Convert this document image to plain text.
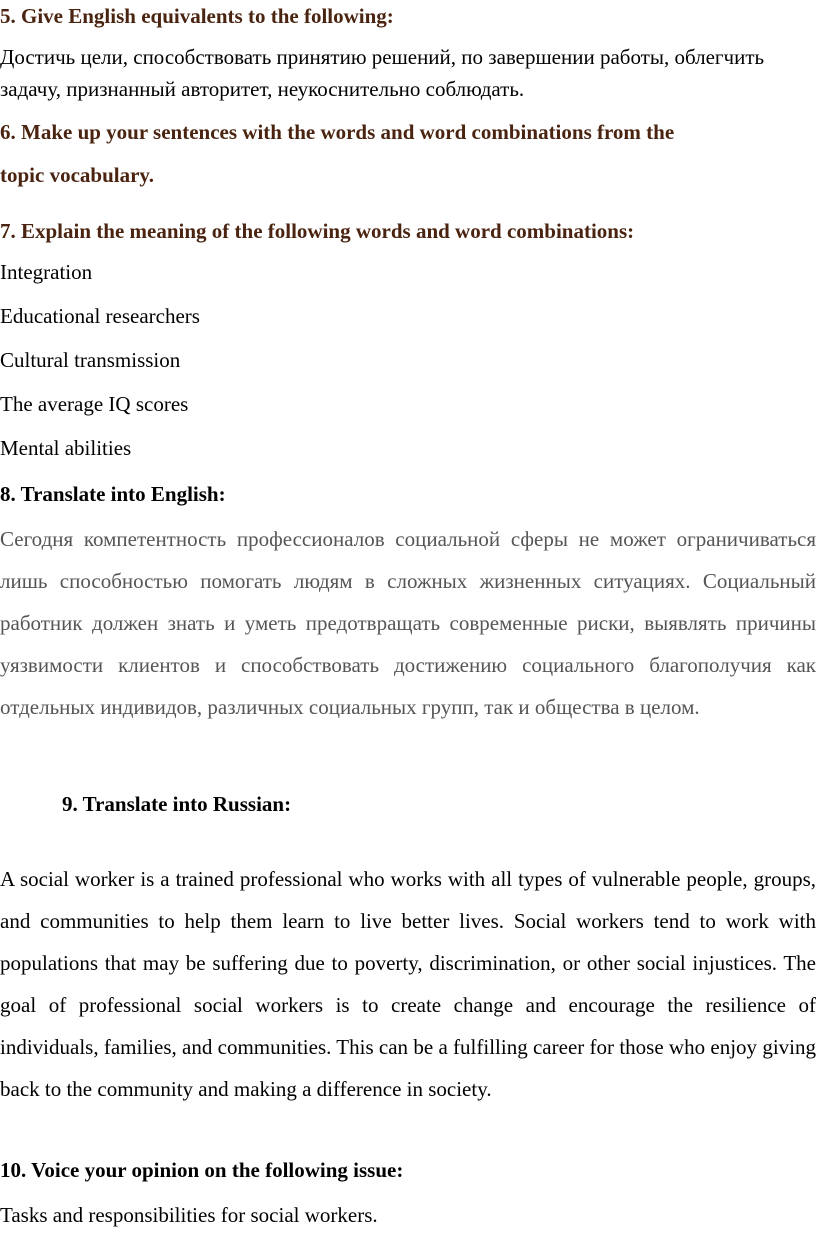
5. Give English equivalents to the following:

Достичь цели, способствовать принятию решений, по завершении работы, облегчить задачу, признанный авторитет, неукоснительно соблюдать.

6. Make up your sentences with the words and word combinations from the
topic vocabulary.
7. Explain the meaning of the following words and word combinations:
Integration
Educational researchers
Cultural transmission
The average IQ scores
Mental abilities
8. Translate into English:

Сегодня компетентность профессионалов социальной сферы не может ограничиваться лишь способностью помогать людям в сложных жизненных ситуациях. Социальный работник должен знать и уметь предотвращать современные риски, выявлять причины уязвимости клиентов и способствовать достижению социального благополучия как отдельных индивидов, различных социальных групп, так и общества в целом.

9. Translate into Russian:

A social worker is a trained professional who works with all types of vulnerable people, groups, and communities to help them learn to live better lives. Social workers tend to work with populations that may be suffering due to poverty, discrimination, or other social injustices. The goal of professional social workers is to create change and encourage the resilience of individuals, families, and communities. This can be a fulfilling career for those who enjoy giving back to the community and making a difference in society.

10. Voice your opinion on the following issue:
Tasks and responsibilities for social workers.
